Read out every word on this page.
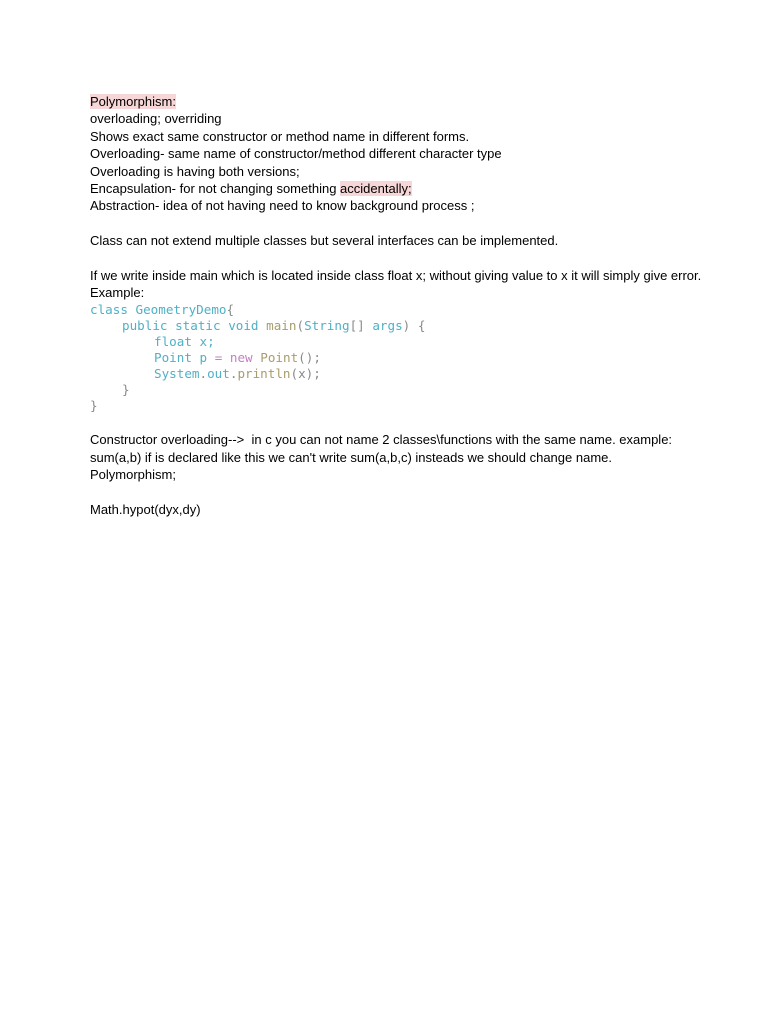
Polymorphism:
overloading; overriding
Shows exact same constructor or method name in different forms.
Overloading- same name of constructor/method different character type
Overloading is having both versions;
Encapsulation- for not changing something accidentally;
Abstraction- idea of not having need to know background process ;
Class can not extend multiple classes but several interfaces can be implemented.
If we write inside main which is located inside class float x; without giving value to x it will simply give error.
Example:
class GeometryDemo{
public static void main(String[] args) {
float x;
Point p = new Point();
System.out.println(x);
}
}
Constructor overloading-->  in c you can not name 2 classes\functions with the same name. example: sum(a,b) if is declared like this we can't write sum(a,b,c) insteads we should change name.
Polymorphism;
Math.hypot(dyx,dy)
